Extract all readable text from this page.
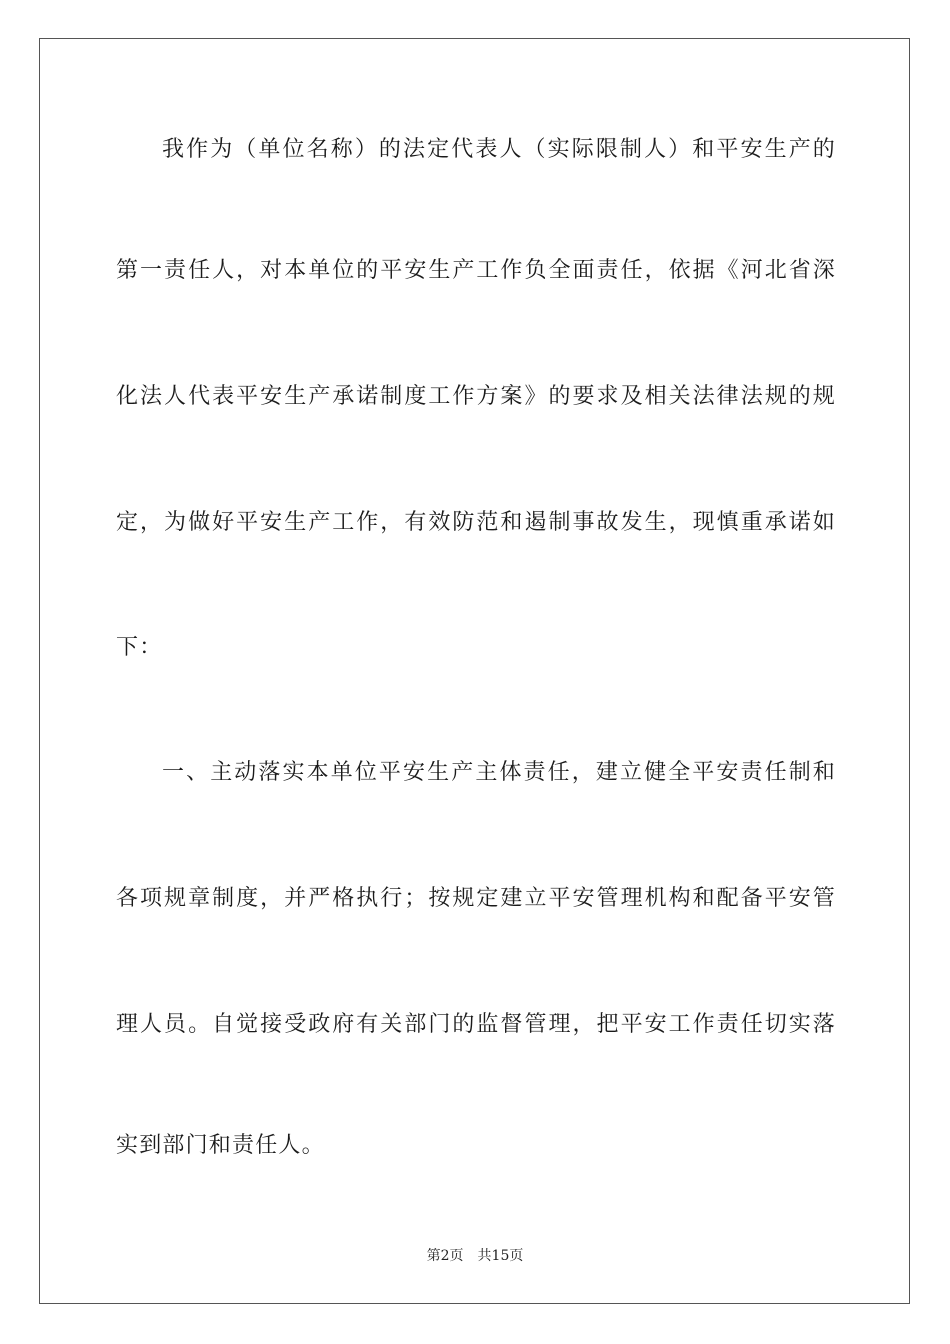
我作为（单位名称）的法定代表人（实际限制人）和平安生产的
第一责任人，对本单位的平安生产工作负全面责任，依据《河北省深
化法人代表平安生产承诺制度工作方案》的要求及相关法律法规的规
定，为做好平安生产工作，有效防范和遏制事故发生，现慎重承诺如
下：
一、主动落实本单位平安生产主体责任，建立健全平安责任制和
各项规章制度，并严格执行；按规定建立平安管理机构和配备平安管
理人员。自觉接受政府有关部门的监督管理，把平安工作责任切实落
实到部门和责任人。
第2页 共15页
